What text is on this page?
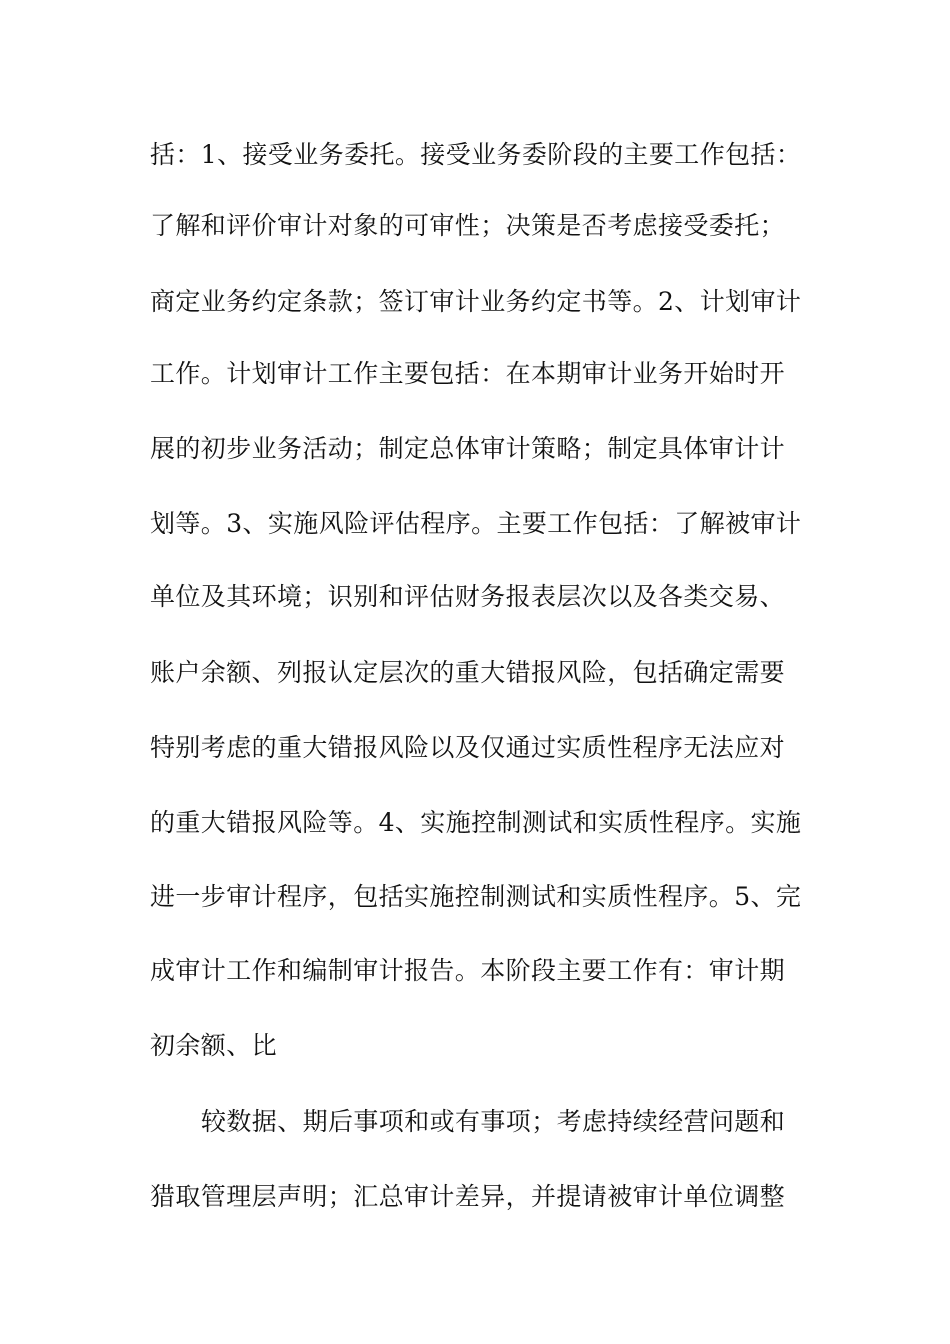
括：1、接受业务委托。接受业务委阶段的主要工作包括：
了解和评价审计对象的可审性；决策是否考虑接受委托；
商定业务约定条款；签订审计业务约定书等。2、计划审计
工作。计划审计工作主要包括：在本期审计业务开始时开
展的初步业务活动；制定总体审计策略；制定具体审计计
划等。3、实施风险评估程序。主要工作包括：了解被审计
单位及其环境；识别和评估财务报表层次以及各类交易、
账户余额、列报认定层次的重大错报风险，包括确定需要
特别考虑的重大错报风险以及仅通过实质性程序无法应对
的重大错报风险等。4、实施控制测试和实质性程序。实施
进一步审计程序，包括实施控制测试和实质性程序。5、完
成审计工作和编制审计报告。本阶段主要工作有：审计期
初余额、比
较数据、期后事项和或有事项；考虑持续经营问题和
猎取管理层声明；汇总审计差异，并提请被审计单位调整
